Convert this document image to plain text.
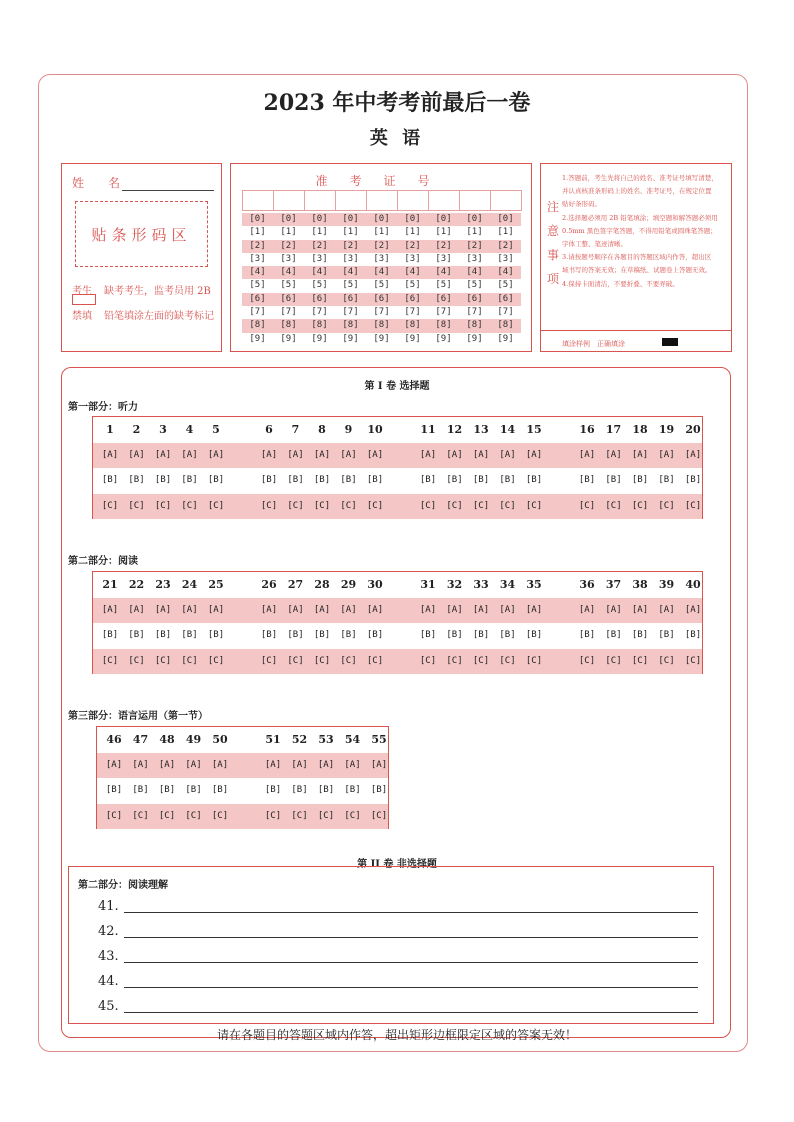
2023 年中考考前最后一卷
英 语
姓　　名
贴条形码区
考生 缺考考生，监考员用 2B
禁填 铅笔填涂左面的缺考标记
准考证号

[0]	[0]	[0]	[0]	[0]	[0]	[0]	[0]	[0]
[1]	[1]	[1]	[1]	[1]	[1]	[1]	[1]	[1]
[2]	[2]	[2]	[2]	[2]	[2]	[2]	[2]	[2]
[3]	[3]	[3]	[3]	[3]	[3]	[3]	[3]	[3]
[4]	[4]	[4]	[4]	[4]	[4]	[4]	[4]	[4]
[5]	[5]	[5]	[5]	[5]	[5]	[5]	[5]	[5]
[6]	[6]	[6]	[6]	[6]	[6]	[6]	[6]	[6]
[7]	[7]	[7]	[7]	[7]	[7]	[7]	[7]	[7]
[8]	[8]	[8]	[8]	[8]	[8]	[8]	[8]	[8]
[9]	[9]	[9]	[9]	[9]	[9]	[9]	[9]	[9]
注
意
事
项
1.答题前，考生先将自己的姓名、准考证号填写清楚，
并认真核准条形码上的姓名、准考证号，在规定位置
贴好条形码。
2.选择题必须用 2B 铅笔填涂；填空题和解答题必须用
0.5mm 黑色签字笔答题，不得用铅笔或圆珠笔答题；
字体工整、笔迹清晰。
3.请按题号顺序在各题目的答题区域内作答，超出区
域书写的答案无效；在草稿纸、试题卷上答题无效。
4.保持卡面清洁，不要折叠、不要弄破。
填涂样例　 正确填涂
第 I 卷 选择题
第一部分：听力
1	2	3	4	5	6	7	8	9	10	11	12	13	14	15	16	17	18	19	20
[A]	[A]	[A]	[A]	[A]	[A]	[A]	[A]	[A]	[A]	[A]	[A]	[A]	[A]	[A]	[A]	[A]	[A]	[A]	[A]
[B]	[B]	[B]	[B]	[B]	[B]	[B]	[B]	[B]	[B]	[B]	[B]	[B]	[B]	[B]	[B]	[B]	[B]	[B]	[B]
[C]	[C]	[C]	[C]	[C]	[C]	[C]	[C]	[C]	[C]	[C]	[C]	[C]	[C]	[C]	[C]	[C]	[C]	[C]	[C]
第二部分：阅读
21	22	23	24	25	26	27	28	29	30	31	32	33	34	35	36	37	38	39	40
[A]	[A]	[A]	[A]	[A]	[A]	[A]	[A]	[A]	[A]	[A]	[A]	[A]	[A]	[A]	[A]	[A]	[A]	[A]	[A]
[B]	[B]	[B]	[B]	[B]	[B]	[B]	[B]	[B]	[B]	[B]	[B]	[B]	[B]	[B]	[B]	[B]	[B]	[B]	[B]
[C]	[C]	[C]	[C]	[C]	[C]	[C]	[C]	[C]	[C]	[C]	[C]	[C]	[C]	[C]	[C]	[C]	[C]	[C]	[C]
第三部分：语言运用（第一节）
46	47	48	49	50	51	52	53	54	55
[A]	[A]	[A]	[A]	[A]	[A]	[A]	[A]	[A]	[A]
[B]	[B]	[B]	[B]	[B]	[B]	[B]	[B]	[B]	[B]
[C]	[C]	[C]	[C]	[C]	[C]	[C]	[C]	[C]	[C]
第 II 卷 非选择题
第二部分：阅读理解
41.
42.
43.
44.
45.
请在各题目的答题区域内作答，超出矩形边框限定区域的答案无效！
